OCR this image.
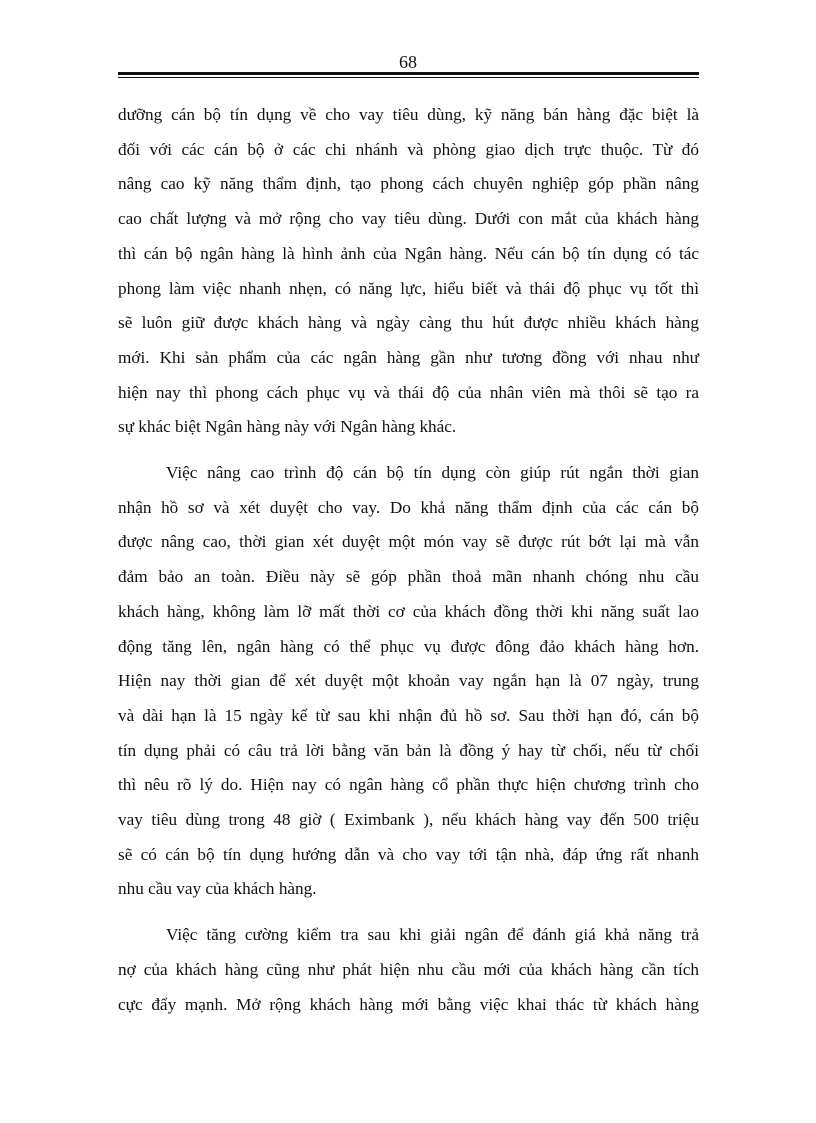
68
dưỡng cán bộ tín dụng về cho vay tiêu dùng, kỹ năng bán hàng đặc biệt là
đối với các cán bộ ở các chi nhánh và phòng giao dịch trực thuộc. Từ đó
nâng cao kỹ năng thẩm định, tạo phong cách chuyên nghiệp góp phần nâng
cao chất lượng và mở rộng cho vay tiêu dùng. Dưới con mắt của khách hàng
thì cán bộ ngân hàng là hình ảnh của Ngân hàng. Nếu cán bộ tín dụng có tác
phong làm việc nhanh nhẹn, có năng lực, hiểu biết và thái độ phục vụ tốt thì
sẽ luôn giữ được khách hàng và ngày càng thu hút được nhiều khách hàng
mới. Khi sản phẩm của các ngân hàng gần như tương đồng với nhau như
hiện nay thì phong cách phục vụ và thái độ của nhân viên mà thôi sẽ tạo ra
sự khác biệt Ngân hàng này với Ngân hàng khác.
Việc nâng cao trình độ cán bộ tín dụng còn giúp rút ngắn thời gian
nhận hồ sơ và xét duyệt cho vay. Do khả năng thẩm định của các cán bộ
được nâng cao, thời gian xét duyệt một món vay sẽ được rút bớt lại mà vẫn
đảm bảo an toàn. Điều này sẽ góp phần thoả mãn nhanh chóng nhu cầu
khách hàng, không làm lỡ mất thời cơ của khách đồng thời khi năng suất lao
động tăng lên, ngân hàng có thể phục vụ được đông đảo khách hàng hơn.
Hiện nay thời gian để xét duyệt một khoản vay ngắn hạn là 07 ngày, trung
và dài hạn là 15 ngày kể từ sau khi nhận đủ hồ sơ. Sau thời hạn đó, cán bộ
tín dụng phải có câu trả lời bằng văn bản là đồng ý hay từ chối, nếu từ chối
thì nêu rõ lý do. Hiện nay có ngân hàng cổ phần thực hiện chương trình cho
vay tiêu dùng trong 48 giờ ( Eximbank ), nếu khách hàng vay đến 500 triệu
sẽ có cán bộ tín dụng hướng dẫn và cho vay tới tận nhà, đáp ứng rất nhanh
nhu cầu vay của khách hàng.
Việc tăng cường kiểm tra sau khi giải ngân để đánh giá khả năng trả
nợ của khách hàng cũng như phát hiện nhu cầu mới của khách hàng cần tích
cực đẩy mạnh. Mở rộng khách hàng mới bằng việc khai thác từ khách hàng
